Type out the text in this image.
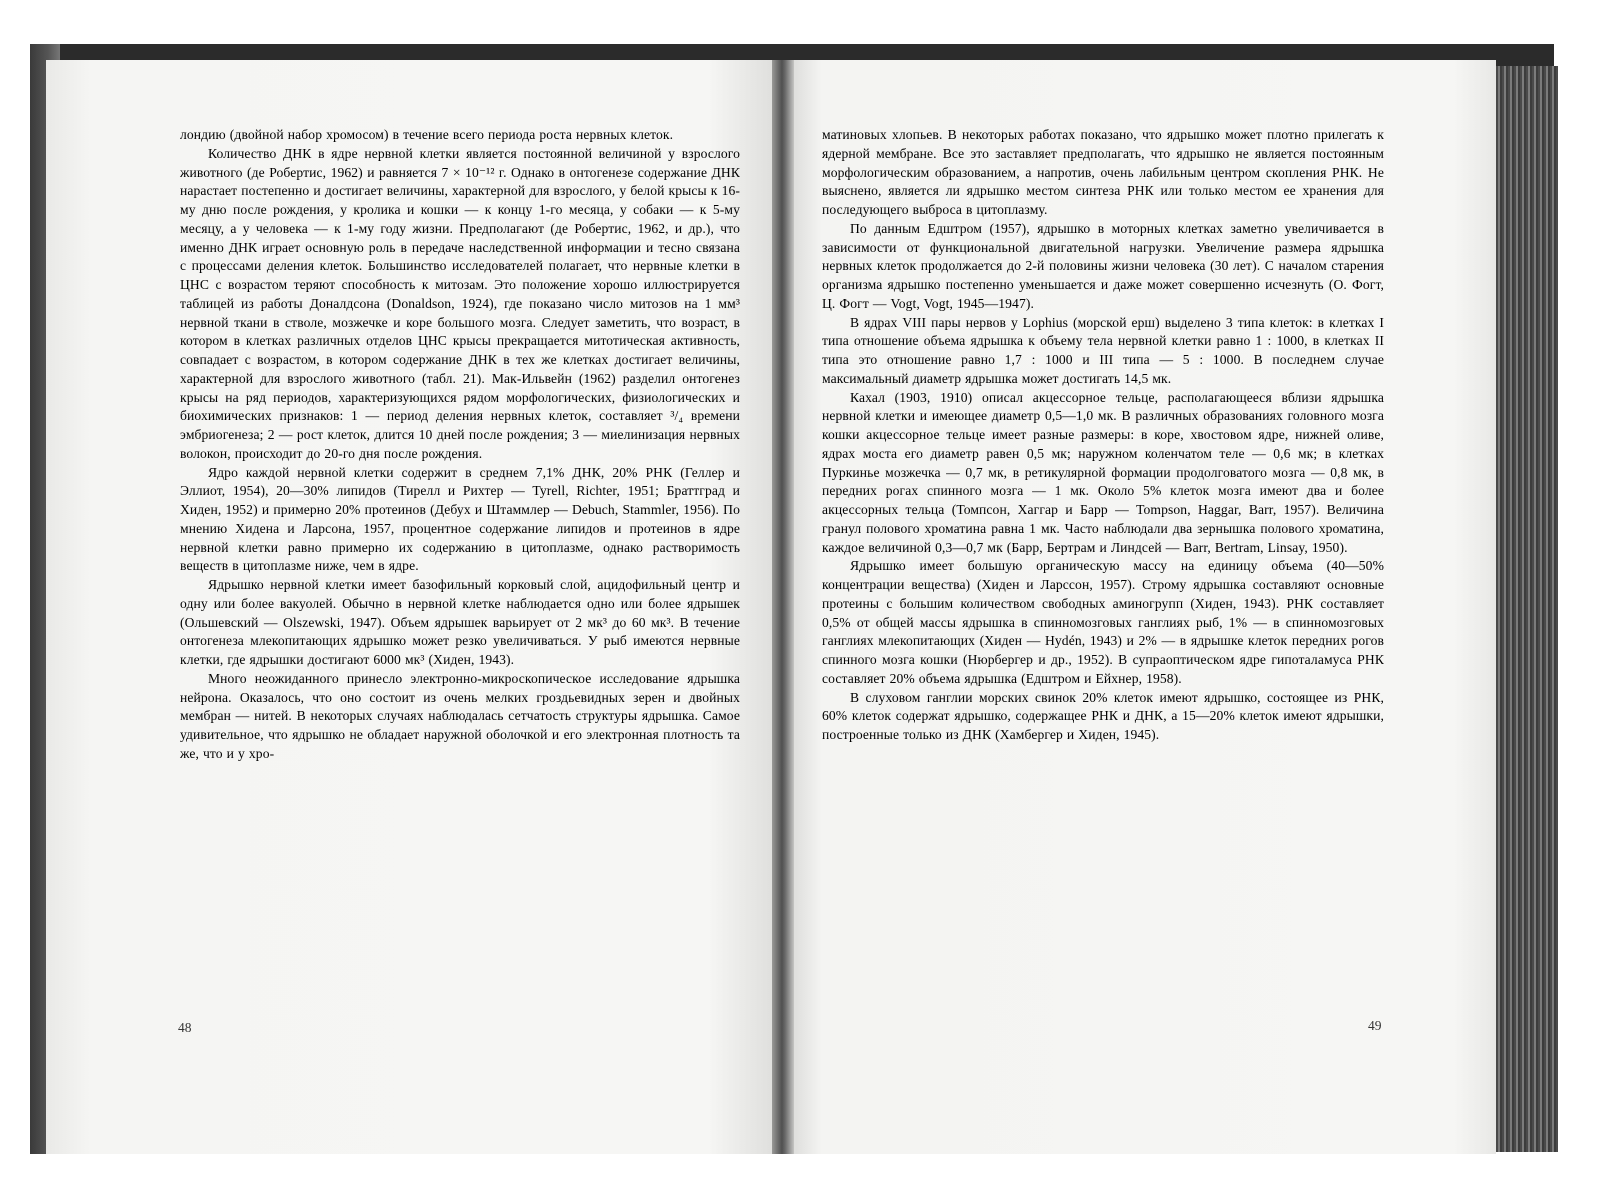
лондию (двойной набор хромосом) в течение всего периода роста нервных клеток.

Количество ДНК в ядре нервной клетки является постоянной величиной у взрослого животного (де Робертис, 1962) и равняется 7 × 10⁻¹² г. Однако в онтогенезе содержание ДНК нарастает постепенно и достигает величины, характерной для взрослого, у белой крысы к 16-му дню после рождения, у кролика и кошки — к концу 1-го месяца, у собаки — к 5-му месяцу, а у человека — к 1-му году жизни. Предполагают (де Робертис, 1962, и др.), что именно ДНК играет основную роль в передаче наследственной информации и тесно связана с процессами деления клеток. Большинство исследователей полагает, что нервные клетки в ЦНС с возрастом теряют способность к митозам. Это положение хорошо иллюстрируется таблицей из работы Доналдсона (Donaldson, 1924), где показано число митозов на 1 мм³ нервной ткани в стволе, мозжечке и коре большого мозга. Следует заметить, что возраст, в котором в клетках различных отделов ЦНС крысы прекращается митотическая активность, совпадает с возрастом, в котором содержание ДНК в тех же клетках достигает величины, характерной для взрослого животного (табл. 21). Мак-Ильвейн (1962) разделил онтогенез крысы на ряд периодов, характеризующихся рядом морфологических, физиологических и биохимических признаков: 1 — период деления нервных клеток, составляет ³/₄ времени эмбриогенеза; 2 — рост клеток, длится 10 дней после рождения; 3 — миелинизация нервных волокон, происходит до 20-го дня после рождения.

Ядро каждой нервной клетки содержит в среднем 7,1% ДНК, 20% РНК (Геллер и Эллиот, 1954), 20—30% липидов (Тирелл и Рихтер — Tyrell, Richter, 1951; Браттград и Хиден, 1952) и примерно 20% протеинов (Дебух и Штаммлер — Debuch, Stammler, 1956). По мнению Хидена и Ларсона, 1957, процентное содержание липидов и протеинов в ядре нервной клетки равно примерно их содержанию в цитоплазме, однако растворимость веществ в цитоплазме ниже, чем в ядре.

Ядрышко нервной клетки имеет базофильный корковый слой, ацидофильный центр и одну или более вакуолей. Обычно в нервной клетке наблюдается одно или более ядрышек (Ольшевский — Olszewski, 1947). Объем ядрышек варьирует от 2 мк³ до 60 мк³. В течение онтогенеза млекопитающих ядрышко может резко увеличиваться. У рыб имеются нервные клетки, где ядрышки достигают 6000 мк³ (Хиден, 1943).

Много неожиданного принесло электронно-микроскопическое исследование ядрышка нейрона. Оказалось, что оно состоит из очень мелких гроздьевидных зерен и двойных мембран — нитей. В некоторых случаях наблюдалась сетчатость структуры ядрышка. Самое удивительное, что ядрышко не обладает наружной оболочкой и его электронная плотность та же, что и у хро-

48

матиновых хлопьев. В некоторых работах показано, что ядрышко может плотно прилегать к ядерной мембране. Все это заставляет предполагать, что ядрышко не является постоянным морфологическим образованием, а напротив, очень лабильным центром скопления РНК. Не выяснено, является ли ядрышко местом синтеза РНК или только местом ее хранения для последующего выброса в цитоплазму.

По данным Едштром (1957), ядрышко в моторных клетках заметно увеличивается в зависимости от функциональной двигательной нагрузки. Увеличение размера ядрышка нервных клеток продолжается до 2-й половины жизни человека (30 лет). С началом старения организма ядрышко постепенно уменьшается и даже может совершенно исчезнуть (О. Фогт, Ц. Фогт — Vogt, Vogt, 1945—1947).

В ядрах VIII пары нервов у Lophius (морской ерш) выделено 3 типа клеток: в клетках I типа отношение объема ядрышка к объему тела нервной клетки равно 1 : 1000, в клетках II типа это отношение равно 1,7 : 1000 и III типа — 5 : 1000. В последнем случае максимальный диаметр ядрышка может достигать 14,5 мк.

Кахал (1903, 1910) описал акцессорное тельце, располагающееся вблизи ядрышка нервной клетки и имеющее диаметр 0,5—1,0 мк. В различных образованиях головного мозга кошки акцессорное тельце имеет разные размеры: в коре, хвостовом ядре, нижней оливе, ядрах моста его диаметр равен 0,5 мк; наружном коленчатом теле — 0,6 мк; в клетках Пуркинье мозжечка — 0,7 мк, в ретикулярной формации продолговатого мозга — 0,8 мк, в передних рогах спинного мозга — 1 мк. Около 5% клеток мозга имеют два и более акцессорных тельца (Томпсон, Хаггар и Барр — Tompson, Haggar, Barr, 1957). Величина гранул полового хроматина равна 1 мк. Часто наблюдали два зернышка полового хроматина, каждое величиной 0,3—0,7 мк (Барр, Бертрам и Линдсей — Barr, Bertram, Linsay, 1950).

Ядрышко имеет большую органическую массу на единицу объема (40—50% концентрации вещества) (Хиден и Ларссон, 1957). Строму ядрышка составляют основные протеины с большим количеством свободных аминогрупп (Хиден, 1943). РНК составляет 0,5% от общей массы ядрышка в спинномозговых ганглиях рыб, 1% — в спинномозговых ганглиях млекопитающих (Хиден — Hydén, 1943) и 2% — в ядрышке клеток передних рогов спинного мозга кошки (Нюрбергер и др., 1952). В супраоптическом ядре гипоталамуса РНК составляет 20% объема ядрышка (Едштром и Ейхнер, 1958).

В слуховом ганглии морских свинок 20% клеток имеют ядрышко, состоящее из РНК, 60% клеток содержат ядрышко, содержащее РНК и ДНК, а 15—20% клеток имеют ядрышки, построенные только из ДНК (Хамбергер и Хиден, 1945).

49
